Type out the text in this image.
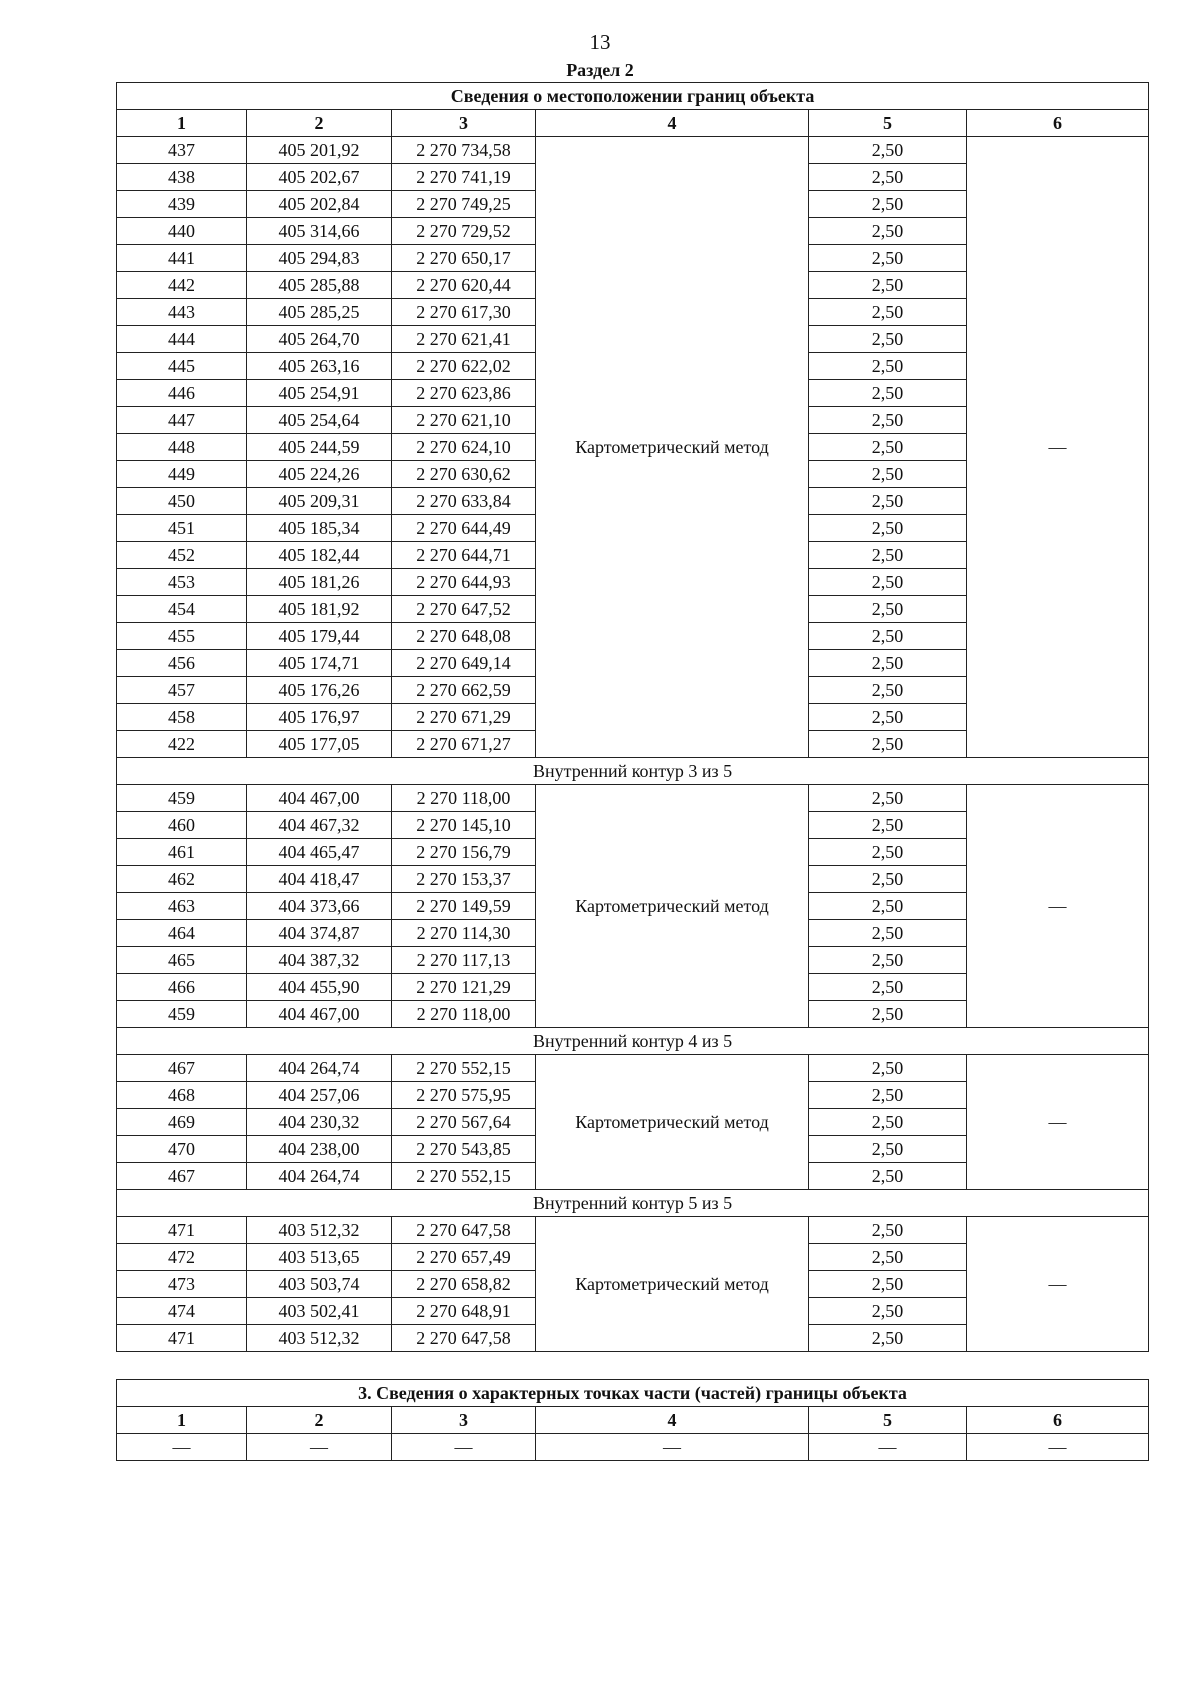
13
Раздел 2
Сведения о местоположении границ объекта					
1	2	3	4	5	6
437	405 201,92	2 270 734,58	Картометрический метод	2,50	—
438	405 202,67	2 270 741,19		2,50	
439	405 202,84	2 270 749,25		2,50	
440	405 314,66	2 270 729,52		2,50	
441	405 294,83	2 270 650,17		2,50	
442	405 285,88	2 270 620,44		2,50	
443	405 285,25	2 270 617,30		2,50	
444	405 264,70	2 270 621,41		2,50	
445	405 263,16	2 270 622,02		2,50	
446	405 254,91	2 270 623,86		2,50	
447	405 254,64	2 270 621,10		2,50	
448	405 244,59	2 270 624,10		2,50	
449	405 224,26	2 270 630,62		2,50	
450	405 209,31	2 270 633,84		2,50	
451	405 185,34	2 270 644,49		2,50	
452	405 182,44	2 270 644,71		2,50	
453	405 181,26	2 270 644,93		2,50	
454	405 181,92	2 270 647,52		2,50	
455	405 179,44	2 270 648,08		2,50	
456	405 174,71	2 270 649,14		2,50	
457	405 176,26	2 270 662,59		2,50	
458	405 176,97	2 270 671,29		2,50	
422	405 177,05	2 270 671,27		2,50	
Внутренний контур 3 из 5					
459	404 467,00	2 270 118,00	Картометрический метод	2,50	—
460	404 467,32	2 270 145,10		2,50	
461	404 465,47	2 270 156,79		2,50	
462	404 418,47	2 270 153,37		2,50	
463	404 373,66	2 270 149,59		2,50	
464	404 374,87	2 270 114,30		2,50	
465	404 387,32	2 270 117,13		2,50	
466	404 455,90	2 270 121,29		2,50	
459	404 467,00	2 270 118,00		2,50	
Внутренний контур 4 из 5					
467	404 264,74	2 270 552,15	Картометрический метод	2,50	—
468	404 257,06	2 270 575,95		2,50	
469	404 230,32	2 270 567,64		2,50	
470	404 238,00	2 270 543,85		2,50	
467	404 264,74	2 270 552,15		2,50	
Внутренний контур 5 из 5					
471	403 512,32	2 270 647,58	Картометрический метод	2,50	—
472	403 513,65	2 270 657,49		2,50	
473	403 503,74	2 270 658,82		2,50	
474	403 502,41	2 270 648,91		2,50	
471	403 512,32	2 270 647,58		2,50	
3. Сведения о характерных точках части (частей) границы объекта					
1	2	3	4	5	6
—	—	—	—	—	—
